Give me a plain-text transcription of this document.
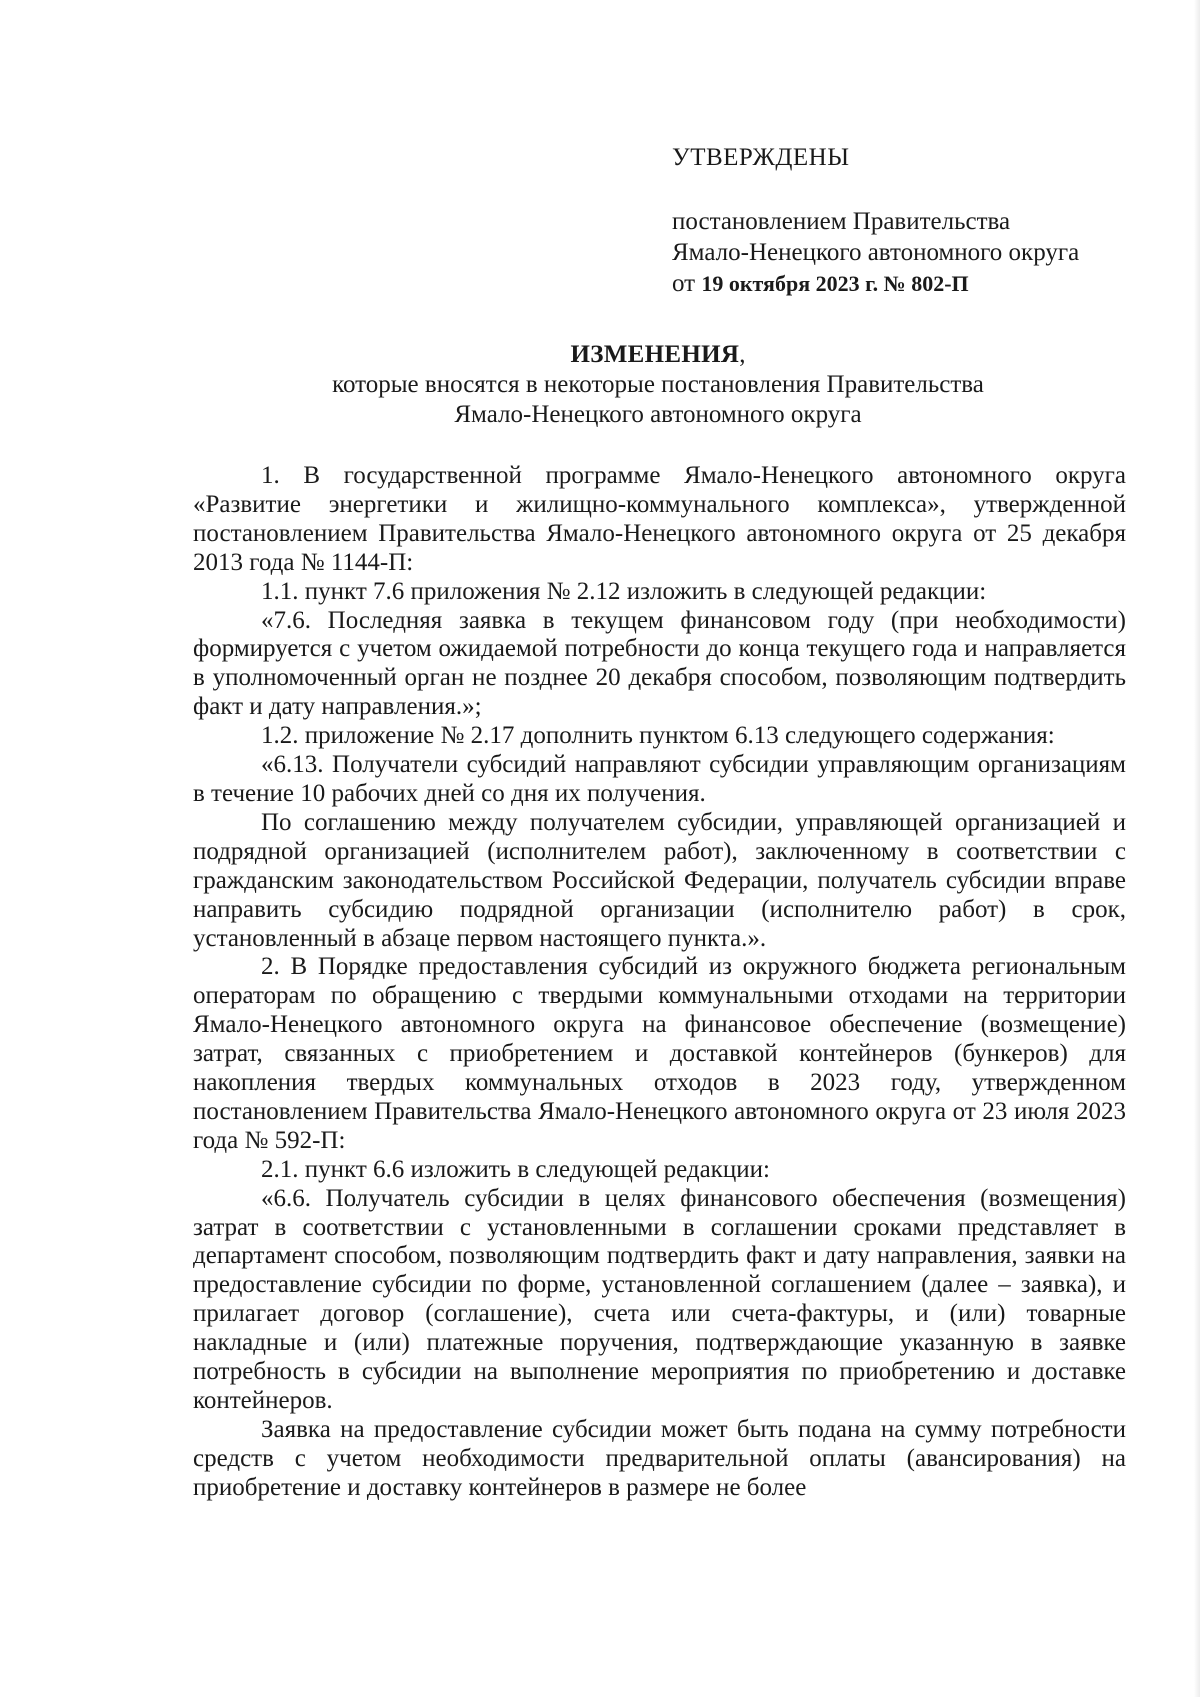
УТВЕРЖДЕНЫ
постановлением Правительства
Ямало-Ненецкого автономного округа
от 19 октября 2023 г. № 802-П
ИЗМЕНЕНИЯ,
которые вносятся в некоторые постановления Правительства
Ямало-Ненецкого автономного округа

1. В государственной программе Ямало-Ненецкого автономного округа «Развитие энергетики и жилищно-коммунального комплекса», утвержденной постановлением Правительства Ямало-Ненецкого автономного округа от 25 декабря 2013 года № 1144-П:

1.1. пункт 7.6 приложения № 2.12 изложить в следующей редакции:

«7.6. Последняя заявка в текущем финансовом году (при необходимости) формируется с учетом ожидаемой потребности до конца текущего года и направляется в уполномоченный орган не позднее 20 декабря способом, позволяющим подтвердить факт и дату направления.»;

1.2. приложение № 2.17 дополнить пунктом 6.13 следующего содержания:

«6.13. Получатели субсидий направляют субсидии управляющим организациям в течение 10 рабочих дней со дня их получения.

По соглашению между получателем субсидии, управляющей организацией и подрядной организацией (исполнителем работ), заключенному в соответствии с гражданским законодательством Российской Федерации, получатель субсидии вправе направить субсидию подрядной организации (исполнителю работ) в срок, установленный в абзаце первом настоящего пункта.».

2. В Порядке предоставления субсидий из окружного бюджета региональным операторам по обращению с твердыми коммунальными отходами на территории Ямало-Ненецкого автономного округа на финансовое обеспечение (возмещение) затрат, связанных с приобретением и доставкой контейнеров (бункеров) для накопления твердых коммунальных отходов в 2023 году, утвержденном постановлением Правительства Ямало-Ненецкого автономного округа от 23 июля 2023 года № 592-П:

2.1. пункт 6.6 изложить в следующей редакции:

«6.6. Получатель субсидии в целях финансового обеспечения (возмещения) затрат в соответствии с установленными в соглашении сроками представляет в департамент способом, позволяющим подтвердить факт и дату направления, заявки на предоставление субсидии по форме, установленной соглашением (далее – заявка), и прилагает договор (соглашение), счета или счета-фактуры, и (или) товарные накладные и (или) платежные поручения, подтверждающие указанную в заявке потребность в субсидии на выполнение мероприятия по приобретению и доставке контейнеров.

Заявка на предоставление субсидии может быть подана на сумму потребности средств с учетом необходимости предварительной оплаты (авансирования) на приобретение и доставку контейнеров в размере не более
